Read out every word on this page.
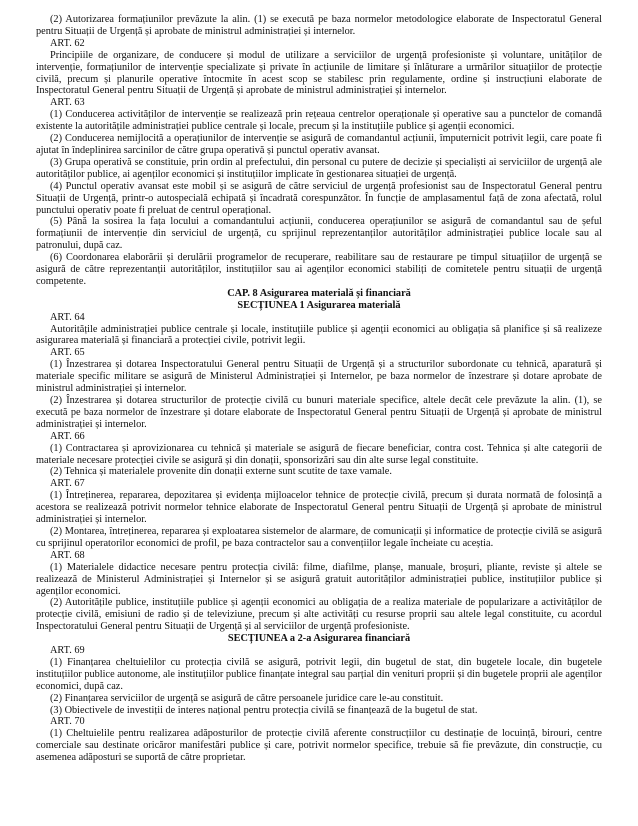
(2) Autorizarea formațiunilor prevăzute la alin. (1) se execută pe baza normelor metodologice elaborate de Inspectoratul General pentru Situații de Urgență și aprobate de ministrul administrației și internelor.

ART. 62

Principiile de organizare, de conducere și modul de utilizare a serviciilor de urgență profesioniste și voluntare, unităților de intervenție, formațiunilor de intervenție specializate și private în acțiunile de limitare și înlăturare a urmărilor situațiilor de protecție civilă, precum și planurile operative întocmite în acest scop se stabilesc prin regulamente, ordine și instrucțiuni elaborate de Inspectoratul General pentru Situații de Urgență și aprobate de ministrul administrației și internelor.

ART. 63

(1) Conducerea activităților de intervenție se realizează prin rețeaua centrelor operaționale și operative sau a punctelor de comandă existente la autoritățile administrației publice centrale și locale, precum și la instituțiile publice și agenții economici.

(2) Conducerea nemijlocită a operațiunilor de intervenție se asigură de comandantul acțiunii, împuternicit potrivit legii, care poate fi ajutat în îndeplinirea sarcinilor de către grupa operativă și punctul operativ avansat.

(3) Grupa operativă se constituie, prin ordin al prefectului, din personal cu putere de decizie și specialiști ai serviciilor de urgență ale autorităților publice, ai agenților economici și instituțiilor implicate în gestionarea situației de urgență.

(4) Punctul operativ avansat este mobil și se asigură de către serviciul de urgență profesionist sau de Inspectoratul General pentru Situații de Urgență, printr-o autospecială echipată și încadrată corespunzător. În funcție de amplasamentul față de zona afectată, rolul punctului operativ poate fi preluat de centrul operațional.

(5) Până la sosirea la fața locului a comandantului acțiunii, conducerea operațiunilor se asigură de comandantul sau de șeful formațiunii de intervenție din serviciul de urgență, cu sprijinul reprezentanților autorităților administrației publice locale sau al patronului, după caz.

(6) Coordonarea elaborării și derulării programelor de recuperare, reabilitare sau de restaurare pe timpul situațiilor de urgență se asigură de către reprezentanții autorităților, instituțiilor sau ai agenților economici stabiliți de comitetele pentru situații de urgență competente.

CAP. 8 Asigurarea materială și financiară

SECȚIUNEA 1 Asigurarea materială

ART. 64

Autoritățile administrației publice centrale și locale, instituțiile publice și agenții economici au obligația să planifice și să realizeze asigurarea materială și financiară a protecției civile, potrivit legii.

ART. 65

(1) Înzestrarea și dotarea Inspectoratului General pentru Situații de Urgență și a structurilor subordonate cu tehnică, aparatură și materiale specific militare se asigură de Ministerul Administrației și Internelor, pe baza normelor de înzestrare și dotare aprobate de ministrul administrației și internelor.

(2) Înzestrarea și dotarea structurilor de protecție civilă cu bunuri materiale specifice, altele decât cele prevăzute la alin. (1), se execută pe baza normelor de înzestrare și dotare elaborate de Inspectoratul General pentru Situații de Urgență și aprobate de ministrul administrației și internelor.

ART. 66

(1) Contractarea și aprovizionarea cu tehnică și materiale se asigură de fiecare beneficiar, contra cost. Tehnica și alte categorii de materiale necesare protecției civile se asigură și din donații, sponsorizări sau din alte surse legal constituite.

(2) Tehnica și materialele provenite din donații externe sunt scutite de taxe vamale.

ART. 67

(1) Întreținerea, repararea, depozitarea și evidența mijloacelor tehnice de protecție civilă, precum și durata normată de folosință a acestora se realizează potrivit normelor tehnice elaborate de Inspectoratul General pentru Situații de Urgență și aprobate de ministrul administrației și internelor.

(2) Montarea, întreținerea, repararea și exploatarea sistemelor de alarmare, de comunicații și informatice de protecție civilă se asigură cu sprijinul operatorilor economici de profil, pe baza contractelor sau a convențiilor legale încheiate cu aceștia.

ART. 68

(1) Materialele didactice necesare pentru protecția civilă: filme, diafilme, planșe, manuale, broșuri, pliante, reviste și altele se realizează de Ministerul Administrației și Internelor și se asigură gratuit autorităților administrației publice, instituțiilor publice și agenților economici.

(2) Autoritățile publice, instituțiile publice și agenții economici au obligația de a realiza materiale de popularizare a activităților de protecție civilă, emisiuni de radio și de televiziune, precum și alte activități cu resurse proprii sau altele legal constituite, cu acordul Inspectoratului General pentru Situații de Urgență și al serviciilor de urgență profesioniste.

SECȚIUNEA a 2-a Asigurarea financiară

ART. 69

(1) Finanțarea cheltuielilor cu protecția civilă se asigură, potrivit legii, din bugetul de stat, din bugetele locale, din bugetele instituțiilor publice autonome, ale instituțiilor publice finanțate integral sau parțial din venituri proprii și din bugetele proprii ale agenților economici, după caz.

(2) Finanțarea serviciilor de urgență se asigură de către persoanele juridice care le-au constituit.

(3) Obiectivele de investiții de interes național pentru protecția civilă se finanțează de la bugetul de stat.

ART. 70

(1) Cheltuielile pentru realizarea adăposturilor de protecție civilă aferente construcțiilor cu destinație de locuință, birouri, centre comerciale sau destinate oricăror manifestări publice și care, potrivit normelor specifice, trebuie să fie prevăzute, din construcție, cu asemenea adăposturi se suportă de către proprietar.
